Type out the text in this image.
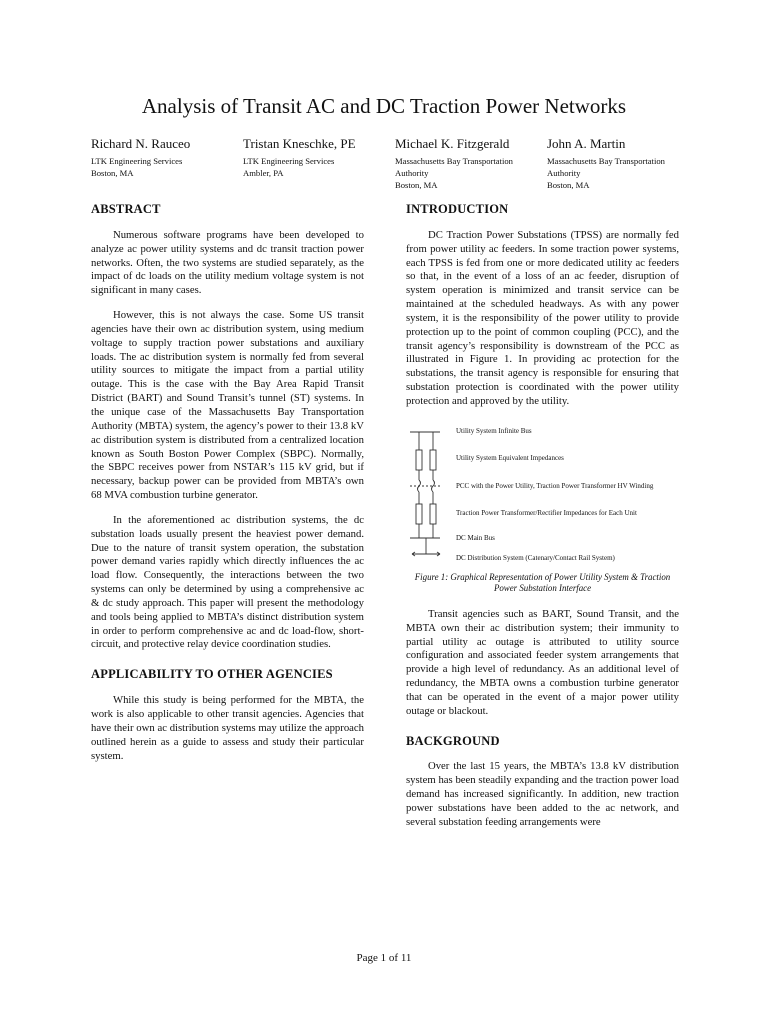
Analysis of Transit AC and DC Traction Power Networks
Richard N. Rauceo
LTK Engineering Services
Boston, MA
Tristan Kneschke, PE
LTK Engineering Services
Ambler, PA
Michael K. Fitzgerald
Massachusetts Bay Transportation
Authority
Boston, MA
John A. Martin
Massachusetts Bay Transportation
Authority
Boston, MA
ABSTRACT

Numerous software programs have been developed to analyze ac power utility systems and dc transit traction power networks. Often, the two systems are studied separately, as the impact of dc loads on the utility medium voltage system is not significant in many cases.

However, this is not always the case. Some US transit agencies have their own ac distribution system, using medium voltage to supply traction power substations and auxiliary loads. The ac distribution system is normally fed from several utility sources to mitigate the impact from a partial utility outage. This is the case with the Bay Area Rapid Transit District (BART) and Sound Transit’s tunnel (ST) systems. In the unique case of the Massachusetts Bay Transportation Authority (MBTA) system, the agency’s power to their 13.8 kV ac distribution system is distributed from a centralized location known as South Boston Power Complex (SBPC). Normally, the SBPC receives power from NSTAR’s 115 kV grid, but if necessary, backup power can be provided from MBTA’s own 68 MVA combustion turbine generator.

In the aforementioned ac distribution systems, the dc substation loads usually present the heaviest power demand. Due to the nature of transit system operation, the substation power demand varies rapidly which directly influences the ac load flow. Consequently, the interactions between the two systems can only be determined by using a comprehensive ac & dc study approach. This paper will present the methodology and tools being applied to MBTA’s distinct distribution system in order to perform comprehensive ac and dc load-flow, short-circuit, and protective relay device coordination studies.

APPLICABILITY TO OTHER AGENCIES

While this study is being performed for the MBTA, the work is also applicable to other transit agencies. Agencies that have their own ac distribution systems may utilize the approach outlined herein as a guide to assess and study their particular system.

INTRODUCTION

DC Traction Power Substations (TPSS) are normally fed from power utility ac feeders. In some traction power systems, each TPSS is fed from one or more dedicated utility ac feeders so that, in the event of a loss of an ac feeder, disruption of system operation is minimized and transit service can be maintained at the scheduled headways. As with any power system, it is the responsibility of the power utility to provide protection up to the point of common coupling (PCC), and the transit agency’s responsibility is downstream of the PCC as illustrated in Figure 1. In providing ac protection for the substations, the transit agency is responsible for ensuring that substation protection is coordinated with the power utility protection and approved by the utility.

Utility System Infinite Bus
Utility System Equivalent Impedances
PCC with the Power Utility, Traction Power Transformer HV Winding
Traction Power Transformer/Rectifier Impedances for Each Unit
DC Main Bus
DC Distribution System (Catenary/Contact Rail System)
Figure 1: Graphical Representation of Power Utility System & Traction Power Substation Interface

Transit agencies such as BART, Sound Transit, and the MBTA own their ac distribution system; their immunity to partial utility ac outage is attributed to utility source configuration and associated feeder system arrangements that provide a high level of redundancy. As an additional level of redundancy, the MBTA owns a combustion turbine generator that can be operated in the event of a major power utility outage or blackout.

BACKGROUND

Over the last 15 years, the MBTA’s 13.8 kV distribution system has been steadily expanding and the traction power load demand has increased significantly. In addition, new traction power substations have been added to the ac network, and several substation feeding arrangements were

Page 1 of 11
